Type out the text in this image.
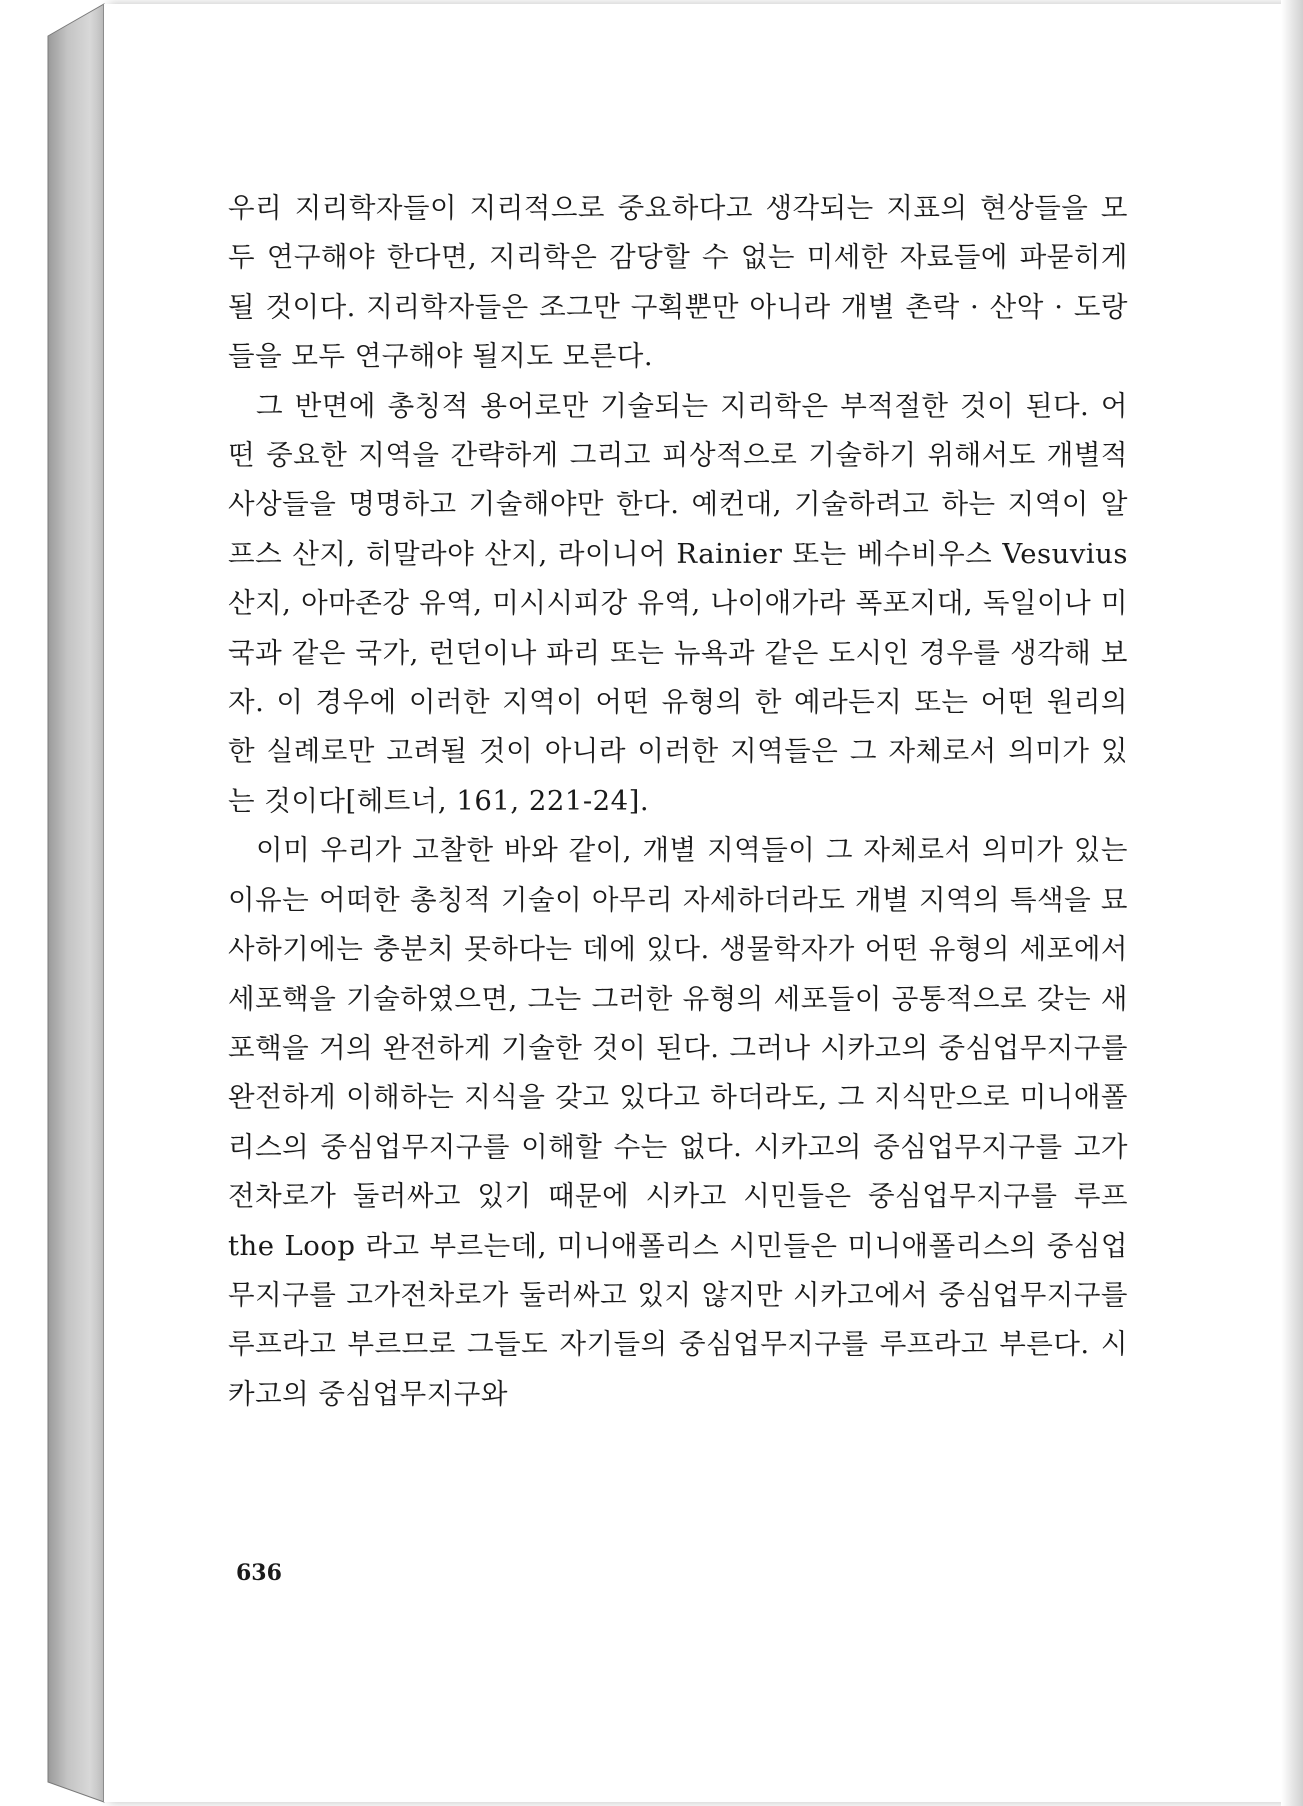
우리 지리학자들이 지리적으로 중요하다고 생각되는 지표의 현상들을 모두 연구해야 한다면, 지리학은 감당할 수 없는 미세한 자료들에 파묻히게 될 것이다. 지리학자들은 조그만 구획뿐만 아니라 개별 촌락 · 산악 · 도랑들을 모두 연구해야 될지도 모른다.

그 반면에 총칭적 용어로만 기술되는 지리학은 부적절한 것이 된다. 어떤 중요한 지역을 간략하게 그리고 피상적으로 기술하기 위해서도 개별적 사상들을 명명하고 기술해야만 한다. 예컨대, 기술하려고 하는 지역이 알프스 산지, 히말라야 산지, 라이니어 Rainier 또는 베수비우스 Vesuvius 산지, 아마존강 유역, 미시시피강 유역, 나이애가라 폭포지대, 독일이나 미국과 같은 국가, 런던이나 파리 또는 뉴욕과 같은 도시인 경우를 생각해 보자. 이 경우에 이러한 지역이 어떤 유형의 한 예라든지 또는 어떤 원리의 한 실례로만 고려될 것이 아니라 이러한 지역들은 그 자체로서 의미가 있는 것이다[헤트너, 161, 221-24].

이미 우리가 고찰한 바와 같이, 개별 지역들이 그 자체로서 의미가 있는 이유는 어떠한 총칭적 기술이 아무리 자세하더라도 개별 지역의 특색을 묘사하기에는 충분치 못하다는 데에 있다. 생물학자가 어떤 유형의 세포에서 세포핵을 기술하였으면, 그는 그러한 유형의 세포들이 공통적으로 갖는 새포핵을 거의 완전하게 기술한 것이 된다. 그러나 시카고의 중심업무지구를 완전하게 이해하는 지식을 갖고 있다고 하더라도, 그 지식만으로 미니애폴리스의 중심업무지구를 이해할 수는 없다. 시카고의 중심업무지구를 고가전차로가 둘러싸고 있기 때문에 시카고 시민들은 중심업무지구를 루프 the Loop 라고 부르는데, 미니애폴리스 시민들은 미니애폴리스의 중심업무지구를 고가전차로가 둘러싸고 있지 않지만 시카고에서 중심업무지구를 루프라고 부르므로 그들도 자기들의 중심업무지구를 루프라고 부른다. 시카고의 중심업무지구와

636
